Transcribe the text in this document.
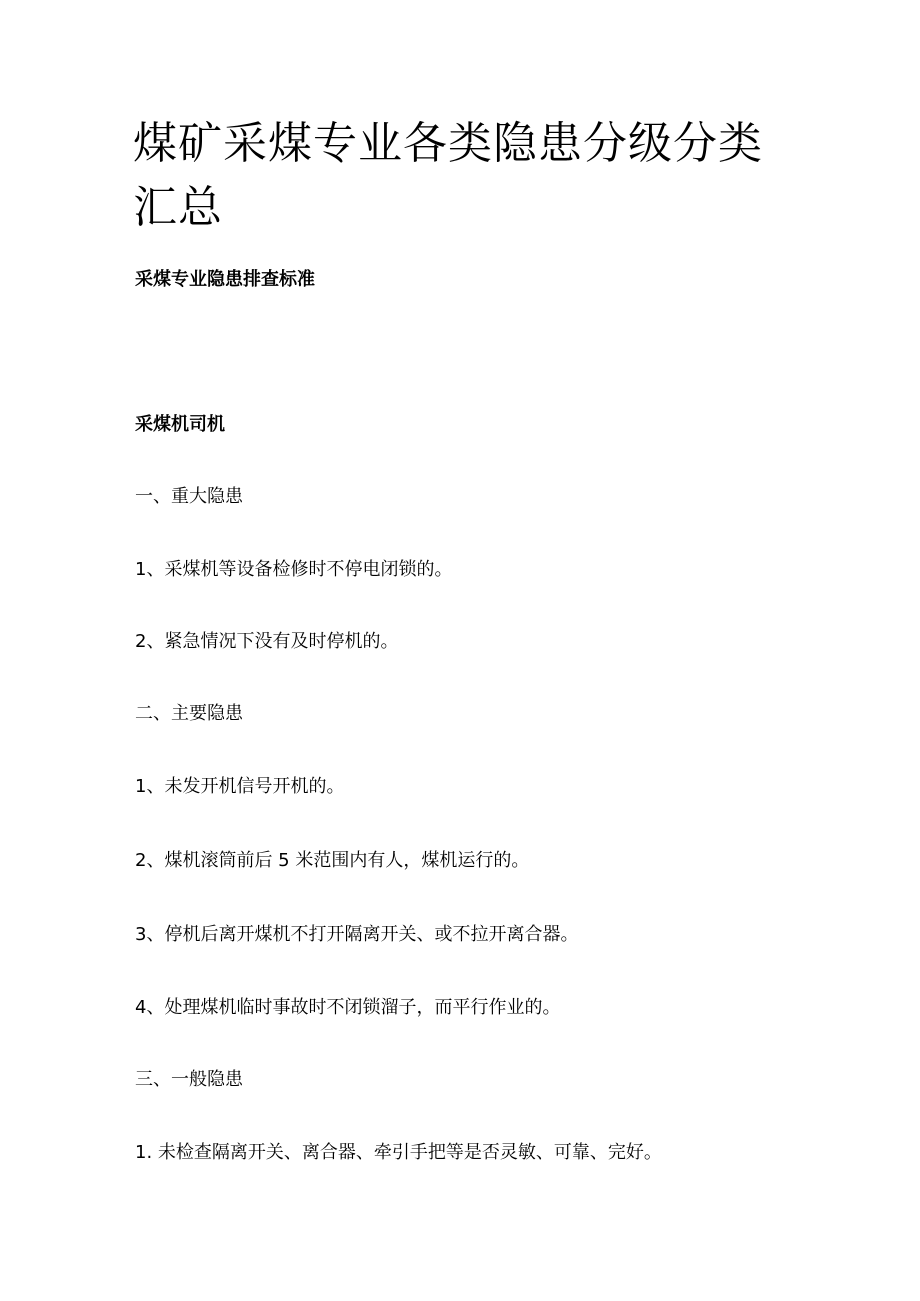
煤矿采煤专业各类隐患分级分类汇总

采煤专业隐患排查标准

采煤机司机

一、重大隐患

1、采煤机等设备检修时不停电闭锁的。

2、紧急情况下没有及时停机的。

二、主要隐患

1、未发开机信号开机的。

2、煤机滚筒前后 5 米范围内有人，煤机运行的。

3、停机后离开煤机不打开隔离开关、或不拉开离合器。

4、处理煤机临时事故时不闭锁溜子，而平行作业的。

三、一般隐患

1. 未检查隔离开关、离合器、牵引手把等是否灵敏、可靠、完好。
